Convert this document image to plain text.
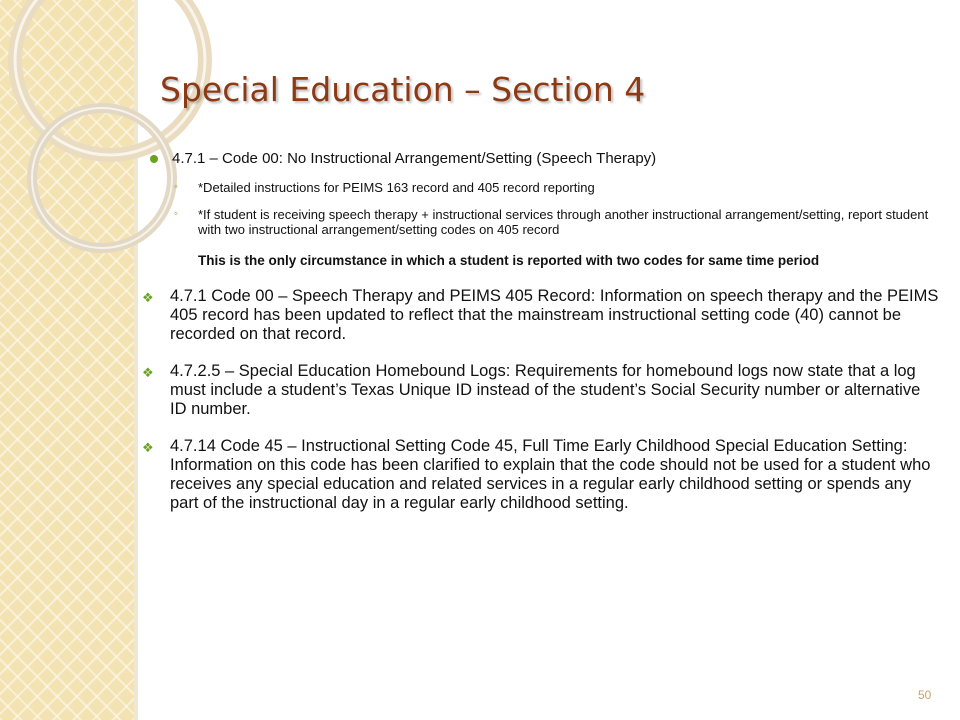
Special Education – Section 4
4.7.1 – Code 00: No Instructional Arrangement/Setting (Speech Therapy)
◦ *Detailed instructions for PEIMS 163 record and 405 record reporting
◦ *If student is receiving speech therapy + instructional services through another instructional arrangement/setting, report student with two instructional arrangement/setting codes on 405 record
This is the only circumstance in which a student is reported with two codes for same time period
❖ 4.7.1 Code 00 – Speech Therapy and PEIMS 405 Record: Information on speech therapy and the PEIMS 405 record has been updated to reflect that the mainstream instructional setting code (40) cannot be recorded on that record.
❖ 4.7.2.5 – Special Education Homebound Logs: Requirements for homebound logs now state that a log must include a student’s Texas Unique ID instead of the student’s Social Security number or alternative ID number.
❖ 4.7.14 Code 45 – Instructional Setting Code 45, Full Time Early Childhood Special Education Setting: Information on this code has been clarified to explain that the code should not be used for a student who receives any special education and related services in a regular early childhood setting or spends any part of the instructional day in a regular early childhood setting.
50
